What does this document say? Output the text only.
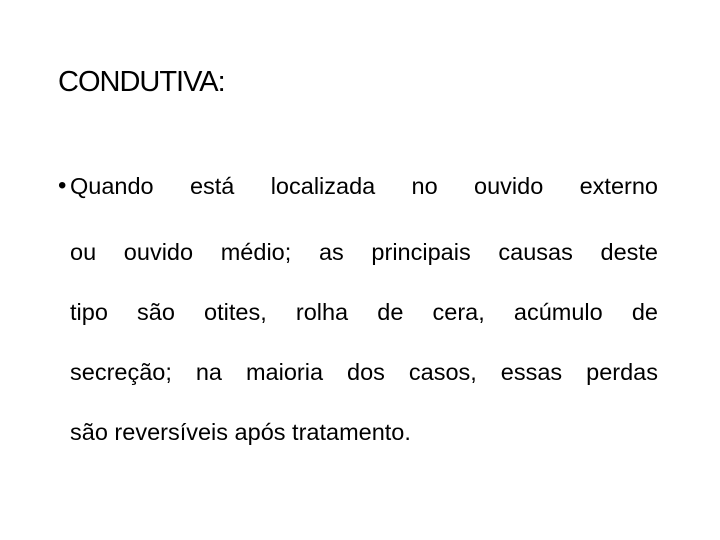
CONDUTIVA:
• Quando está localizada no ouvido externo
ou ouvido médio; as principais causas deste
tipo são otites, rolha de cera, acúmulo de
secreção; na maioria dos casos, essas perdas
são reversíveis após tratamento.
